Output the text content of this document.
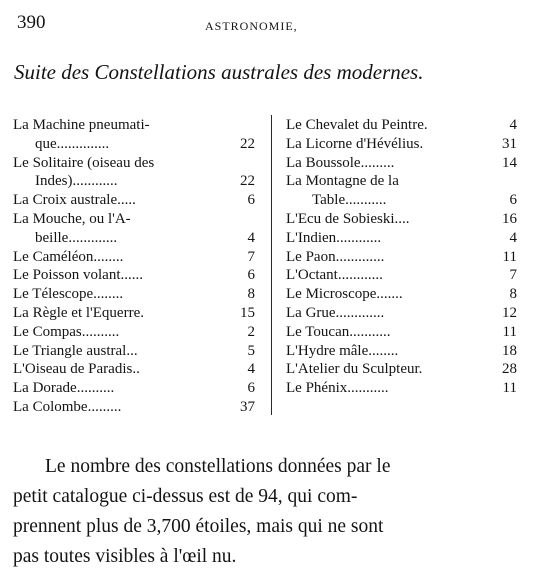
390	ASTRONOMIE,
Suite des Constellations australes des modernes.
La Machine pneumati-
que..............	22
Le Solitaire (oiseau des
Indes)............	22
La Croix australe.....	6
La Mouche, ou l'A-
beille.............	4
Le Caméléon........	7
Le Poisson volant......	6
Le Télescope........	8
La Règle et l'Equerre.	15
Le Compas..........	2
Le Triangle austral...	5
L'Oiseau de Paradis..	4
La Dorade..........	6
La Colombe.........	37
Le Chevalet du Peintre.	4
La Licorne d'Hévélius.	31
La Boussole.........	14
La Montagne de la
Table...........	6
L'Ecu de Sobieski....	16
L'Indien............	4
Le Paon.............	11
L'Octant............	7
Le Microscope.......	8
La Grue.............	12
Le Toucan...........	11
L'Hydre mâle........	18
L'Atelier du Sculpteur.	28
Le Phénix...........	11
Le nombre des constellations données par le
petit catalogue ci-dessus est de 94, qui com-
prennent plus de 3,700 étoiles, mais qui ne sont
pas toutes visibles à l'œil nu.
